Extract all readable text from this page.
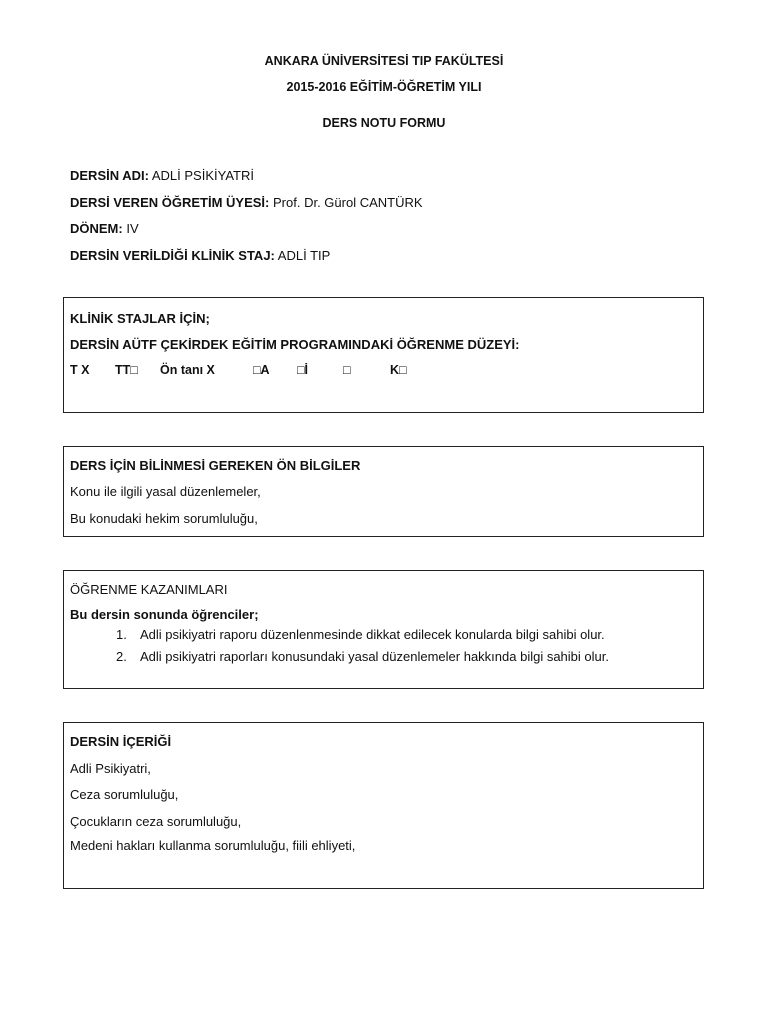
ANKARA ÜNİVERSİTESİ TIP FAKÜLTESİ
2015-2016 EĞİTİM-ÖĞRETİM YILI
DERS NOTU FORMU
DERSİN ADI: ADLİ PSİKİYATRİ
DERSİ VEREN ÖĞRETİM ÜYESİ: Prof. Dr. Gürol CANTÜRK
DÖNEM: IV
DERSİN VERİLDİĞİ KLİNİK STAJ: ADLİ TIP
KLİNİK STAJLAR İÇİN;
DERSİN AÜTF ÇEKİRDEK EĞİTİM PROGRAMINDAKİ ÖĞRENME DÜZEYİ:
T X TT□ Ön tanı X	□A □İ	□	K□
DERS İÇİN BİLİNMESİ GEREKEN ÖN BİLGİLER
Konu ile ilgili yasal düzenlemeler,
Bu konudaki hekim sorumluluğu,
ÖĞRENME KAZANIMLARI
Bu dersin sonunda öğrenciler;
1. Adli psikiyatri raporu düzenlenmesinde dikkat edilecek konularda bilgi sahibi olur.
2. Adli psikiyatri raporları konusundaki yasal düzenlemeler hakkında bilgi sahibi olur.
DERSİN İÇERİĞİ
Adli Psikiyatri,
Ceza sorumluluğu,
Çocukların ceza sorumluluğu,
Medeni hakları kullanma sorumluluğu, fiili ehliyeti,
